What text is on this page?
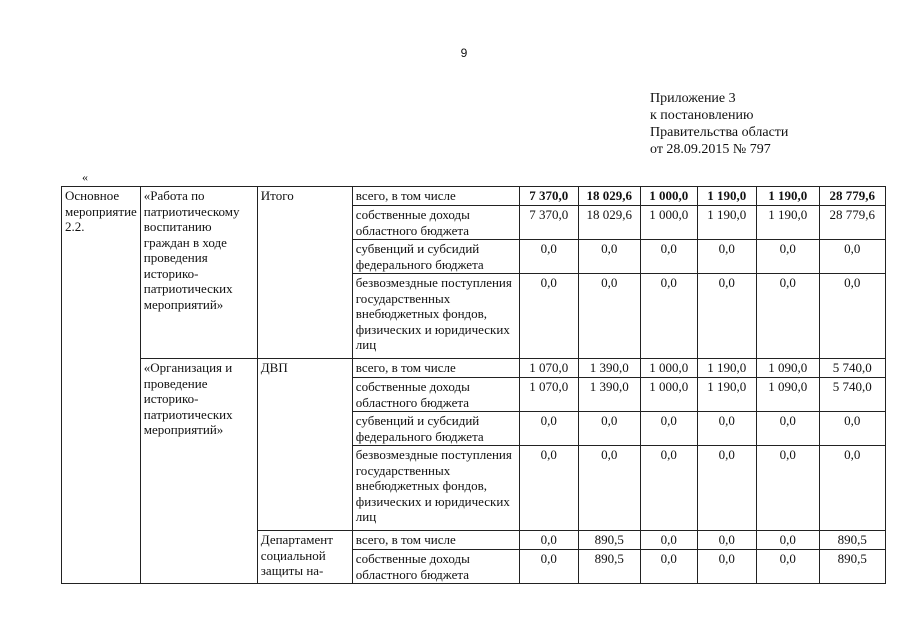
9
Приложение 3
к постановлению
Правительства области
от 28.09.2015 № 797
«
Основное мероприятие 2.2.	«Работа по патриотическому воспитанию граждан в ходе проведения историко-патриотических мероприятий»	Итого	всего, в том числе	7 370,0	18 029,6	1 000,0	1 190,0	1 190,0	28 779,6
			собственные доходы областного бюджета	7 370,0	18 029,6	1 000,0	1 190,0	1 190,0	28 779,6
			субвенций и субсидий федерального бюджета	0,0	0,0	0,0	0,0	0,0	0,0
			безвозмездные поступления государственных внебюджетных фондов, физических и юридических лиц	0,0	0,0	0,0	0,0	0,0	0,0
	«Организация и проведение историко-патриотических мероприятий»	ДВП	всего, в том числе	1 070,0	1 390,0	1 000,0	1 190,0	1 090,0	5 740,0
			собственные доходы областного бюджета	1 070,0	1 390,0	1 000,0	1 190,0	1 090,0	5 740,0
			субвенций и субсидий федерального бюджета	0,0	0,0	0,0	0,0	0,0	0,0
			безвозмездные поступления государственных внебюджетных фондов, физических и юридических лиц	0,0	0,0	0,0	0,0	0,0	0,0
		Департамент социальной защиты на-	всего, в том числе	0,0	890,5	0,0	0,0	0,0	890,5
			собственные доходы областного бюджета	0,0	890,5	0,0	0,0	0,0	890,5
